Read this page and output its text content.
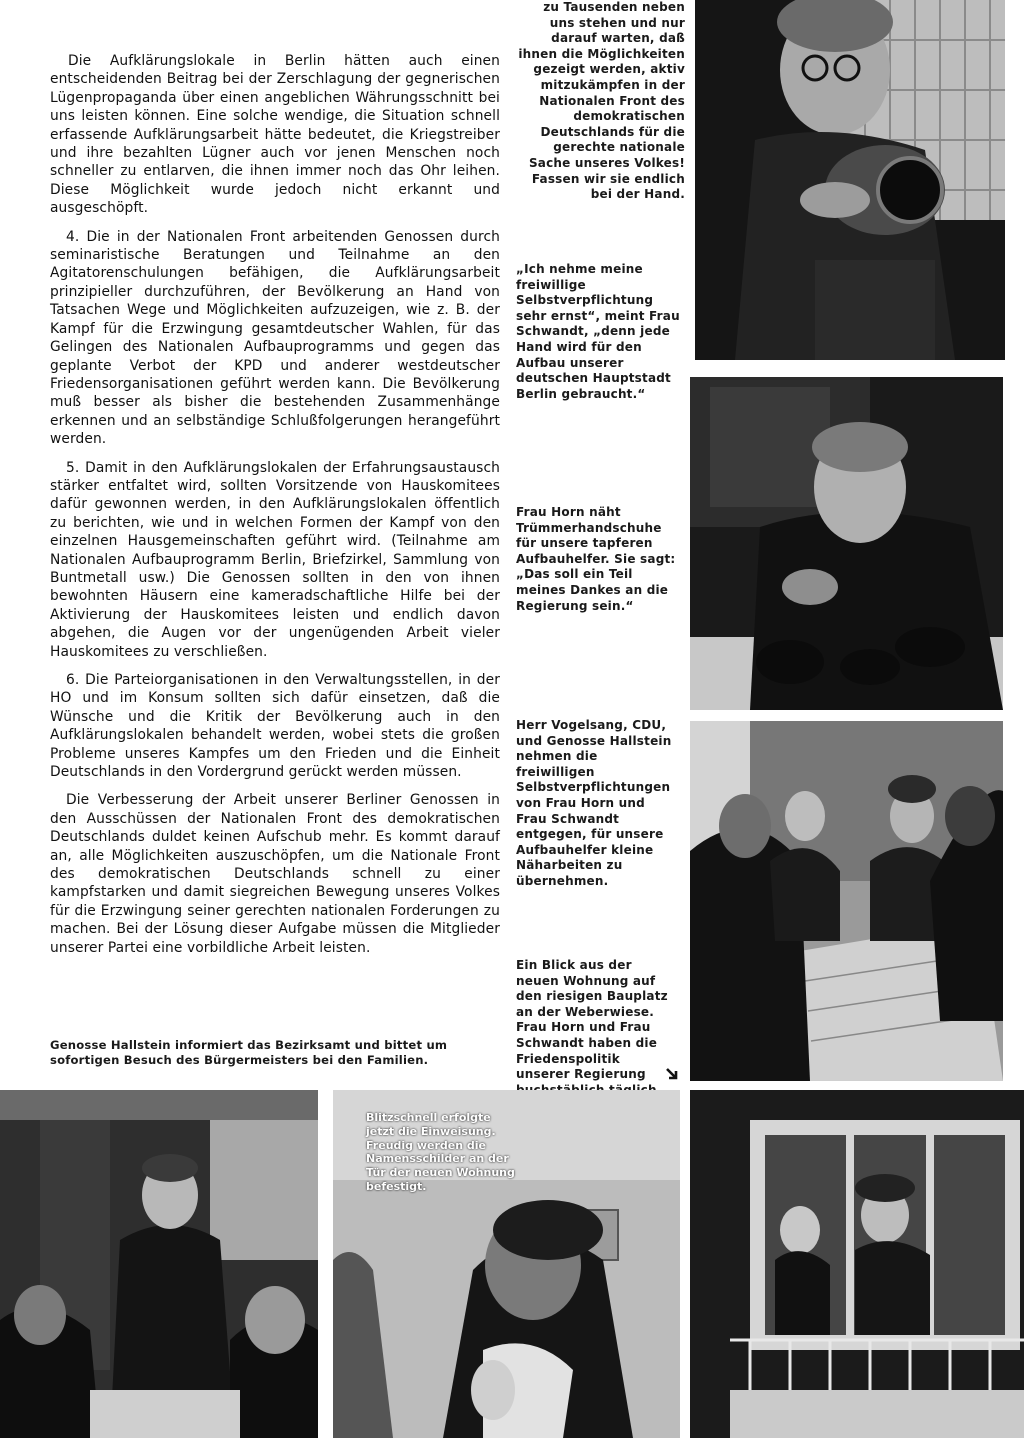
Die Aufklärungslokale in Berlin hätten auch einen entscheidenden Beitrag bei der Zerschlagung der gegnerischen Lügenpropaganda über einen angeblichen Währungsschnitt bei uns leisten können. Eine solche wendige, die Situation schnell erfassende Aufklärungsarbeit hätte bedeutet, die Kriegstreiber und ihre bezahlten Lügner auch vor jenen Menschen noch schneller zu entlarven, die ihnen immer noch das Ohr leihen. Diese Möglichkeit wurde jedoch nicht erkannt und ausgeschöpft.

4. Die in der Nationalen Front arbeitenden Genossen durch seminaristische Beratungen und Teilnahme an den Agitatorenschulungen befähigen, die Aufklärungsarbeit prinzipieller durchzuführen, der Bevölkerung an Hand von Tatsachen Wege und Möglichkeiten aufzuzeigen, wie z. B. der Kampf für die Erzwingung gesamtdeutscher Wahlen, für das Gelingen des Nationalen Aufbauprogramms und gegen das geplante Verbot der KPD und anderer westdeutscher Friedensorganisationen geführt werden kann. Die Bevölkerung muß besser als bisher die bestehenden Zusammenhänge erkennen und an selbständige Schlußfolgerungen herangeführt werden.

5. Damit in den Aufklärungslokalen der Erfahrungsaustausch stärker entfaltet wird, sollten Vorsitzende von Hauskomitees dafür gewonnen werden, in den Aufklärungslokalen öffentlich zu berichten, wie und in welchen Formen der Kampf von den einzelnen Hausgemeinschaften geführt wird. (Teilnahme am Nationalen Aufbauprogramm Berlin, Briefzirkel, Sammlung von Buntmetall usw.) Die Genossen sollten in den von ihnen bewohnten Häusern eine kameradschaftliche Hilfe bei der Aktivierung der Hauskomitees leisten und endlich davon abgehen, die Augen vor der ungenügenden Arbeit vieler Hauskomitees zu verschließen.

6. Die Parteiorganisationen in den Verwaltungsstellen, in der HO und im Konsum sollten sich dafür einsetzen, daß die Wünsche und die Kritik der Bevölkerung auch in den Aufklärungslokalen behandelt werden, wobei stets die großen Probleme unseres Kampfes um den Frieden und die Einheit Deutschlands in den Vordergrund gerückt werden müssen.

Die Verbesserung der Arbeit unserer Berliner Genossen in den Ausschüssen der Nationalen Front des demokratischen Deutschlands duldet keinen Aufschub mehr. Es kommt darauf an, alle Möglichkeiten auszuschöpfen, um die Nationale Front des demokratischen Deutschlands schnell zu einer kampfstarken und damit siegreichen Bewegung unseres Volkes für die Erzwingung seiner gerechten nationalen Forderungen zu machen. Bei der Lösung dieser Aufgabe müssen die Mitglieder unserer Partei eine vorbildliche Arbeit leisten.

zu Tausenden neben uns stehen und nur darauf warten, daß ihnen die Möglichkeiten gezeigt werden, aktiv mitzukämpfen in der Nationalen Front des demokratischen Deutschlands für die gerechte nationale Sache unseres Volkes! Fassen wir sie endlich bei der Hand.
„Ich nehme meine freiwillige Selbstverpflichtung sehr ernst“, meint Frau Schwandt, „denn jede Hand wird für den Aufbau unserer deutschen Hauptstadt Berlin gebraucht.“
Frau Horn näht Trümmerhandschuhe für unsere tapferen Aufbauhelfer. Sie sagt: „Das soll ein Teil meines Dankes an die Regierung sein.“
Herr Vogelsang, CDU, und Genosse Hallstein nehmen die freiwilligen Selbstverpflichtungen von Frau Horn und Frau Schwandt entgegen, für unsere Aufbauhelfer kleine Näharbeiten zu übernehmen.
Ein Blick aus der neuen Wohnung auf den riesigen Bauplatz an der Weberwiese. Frau Horn und Frau Schwandt haben die Friedenspolitik unserer Regierung
Genosse Hallstein informiert das Bezirksamt und bittet um sofortigen Besuch des Bürgermeisters bei den Familien.
Blitzschnell erfolgte jetzt die Einweisung. Freudig werden die Namensschilder an der Tür der neuen Wohnung befestigt.
